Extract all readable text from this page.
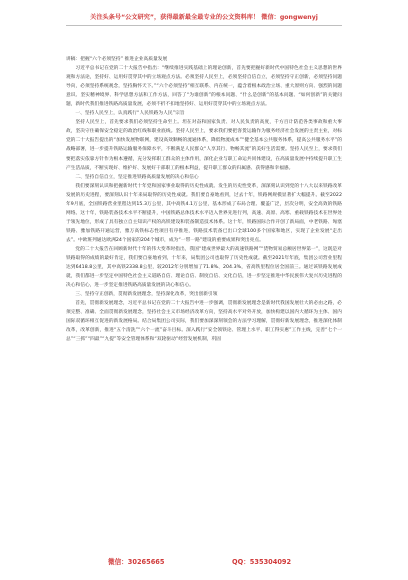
关注头条号“公文研究”，获得最新最全最专业的公文资料库！ 微信：gongwenyj

讲稿：把握“六个必须坚持” 推进企业高质量发展

习近平总书记在党的二十大报告中指出：“继续推进实践基础上的理论创新，首先要把握好新时代中国特色社会主义思想的世界观和方法论，坚持好、运用好贯穿其中的立场观点方法。必须坚持人民至上，必须坚持自信自立，必须坚持守正创新，必须坚持问题导向，必须坚持系统观念，坚持胸怀天下。”“六个必须坚持”相互联系、内在统一，蕴含着根本政治立场、重大原则方向、强烈的问题意识、坚实精神境界、科学思想方法和工作方法，回答了“为谁创新”的根本问题、“什么是创新”的基本问题、“如何创新”的关键问题，新时代我们推进铁路高质量发展，必须不折不扣地坚持好、运用好贯穿其中的立场观点方法。

一、坚持人民至上，认真践行“人民铁路为人民”宗旨

坚持人民至上，首先要求我们必须坚持生命至上。坦在对奋和国家负责、对人民负责的高度，千方百计防范各类事故和重大事故，坚决守住确保安全稳定的政治红线和职业底线。坚持人民至上，要求我们要把客货运输作为服务经济社会发展的主责主业，对标党的二十大报告提出的“加快发展物联网，建设高效顺畅的流通体系，降低物流成本”“健全基本公共服务体系，提高公共服务水平”的战略部署，进一步提升铁路运输服务保障水平，不断满足人民群众“人享其行、物畅其流”的美好生活需要。坚持人民至上，要求我们要把落实依靠方针作为根本遵循，充分发挥职工群众的主体作用，深化企业与职工命运共同体建设，在高质量发展中持续提升职工生产生活品质，不断实现好、维护好、发展好干部职工的根本利益，提升职工群众的归属感、获得感和幸福感。

二、坚持自信自立，坚定推进铁路高质量发展的决心和信心

我们要深刻认识和把握新时代十年党和国家事业取得的历史性成就、发生的历史性变革，深深刻认识到党的十八大以来铁路改革发展的历史进程，要深刻认识十年来局取得的历史性成就。我们要自豪地看到，过去十年，铁路网规模显著扩大幅提升。截至2022年9月底，全国铁路营业里程达到15.3万公里，其中高铁4.1万公里，基本形成了布局合理、覆盖广泛，层次分明，安全高效的铁路网络。这十年，铁路装备技术水平不断提升，中国铁路总体技术水平迈入世界先进行列，高速、高原、高寒、重载铁路技术在世界处于领先地位，形成了具有独立自主知识产权的高铁建设和装备制造技术体系。这十年，铁路国际合作开创了新局面，中老铁路、匈塞铁路、雅加铁路开通运营，雅万高铁标志性项目有序推进，铁路技术装备已出口全球100多个国家和地区，实现了企业发展“走出去”。中欧班列通达欧洲24个国家的204个城市，成为“一带一路”建设的重要成果和突出亮点。

党的二十大报告在回顾新时代十年的伟大变革时指出，我国“建成世界最大的高速铁路网”“货物贸易总额居世界第一”，这既是对铁路取得的成绩的最好肯定，我们要自豪地看到，十年来，局集团公司也取得了历史性成就。截至2021年年底，集团公司营业里程达到6418.8公里，其中高铁2338.8公里，较2012年分别增加了71.8%、204.3%，省高铁里程位居全国前三。通过该铁路发展成就，我们都进一步坚定中国特色社会主义道路自信、理论自信、制度自信、文化自信，进一步坚定推进中华民族伟大复兴历史进程的决心和信心，进一步坚定推进铁路高质量发展的决心和信心。

三、坚持守正创新，贯彻新发展理念，坚持深化改革，突出创新引领

首先，贯彻新发展理念，习近平总书记在党的二十大报告中进一步强调，贯彻新发展理念是新时代我国发展壮大的必由之路，必须完整、准确、全面贯彻新发展理念，坚持社会主义市场经济改革方向，坚持高水平对外开放，加快构建以国内大循环为主体、国内国际双循环相互促进的新发展格局。结合局集团公司实际，我们要加深深刻领会的方法学习理解，贯彻好新发展理念，推进深化体制改革，改革创新，推进“五个清洗”“六个一流”奋斗目标。深入践行“安全领铁论、管理上水平、职工得实惠”工作主线，完善“七个一总”“三抓”“四最”“九提”等安全管理体系和“双轮驱动”经营发展机制，巩固

微信：30265665	QQ：535304092
